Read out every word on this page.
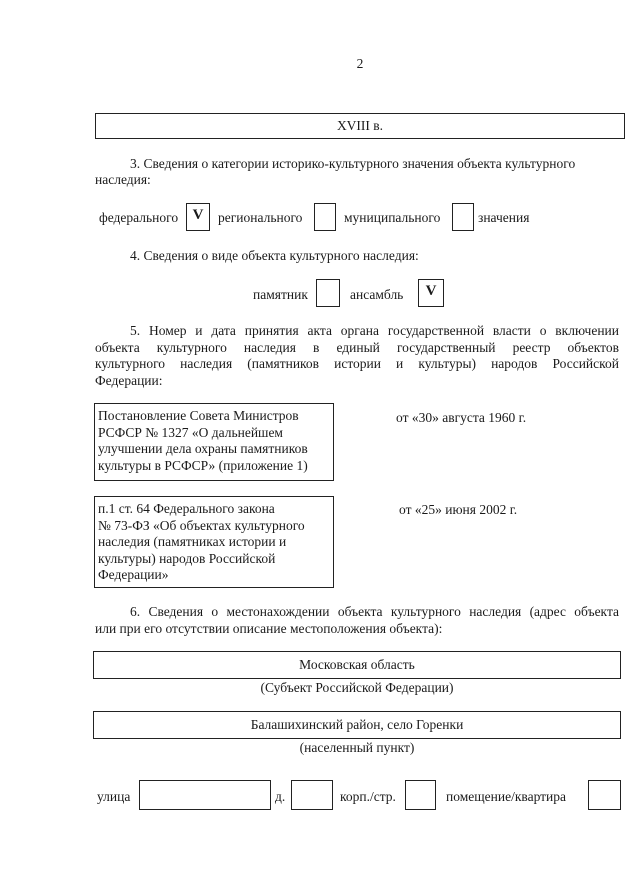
2
XVIII в.
3. Сведения о категории историко-культурного значения объекта культурного
наследия:
федерального V	регионального	муниципального	значения
4. Сведения о виде объекта культурного наследия:
памятник	ансамбль	V
5. Номер и дата принятия акта органа государственной власти о включении
объекта культурного наследия в единый государственный реестр объектов
культурного наследия (памятников истории и культуры) народов Российской
Федерации:
Постановление Совета Министров
РСФСР № 1327 «О дальнейшем
улучшении дела охраны памятников
культуры в РСФСР» (приложение 1)
от «30» августа 1960 г.
п.1 ст. 64 Федерального закона
№ 73-ФЗ «Об объектах культурного
наследия (памятниках истории и
культуры) народов Российской
Федерации»
от «25» июня 2002 г.
6. Сведения о местонахождении объекта культурного наследия (адрес объекта
или при его отсутствии описание местоположения объекта):
Московская область
(Субъект Российской Федерации)
Балашихинский район, село Горенки
(населенный пункт)
улица	д.	корп./стр.	помещение/квартира
